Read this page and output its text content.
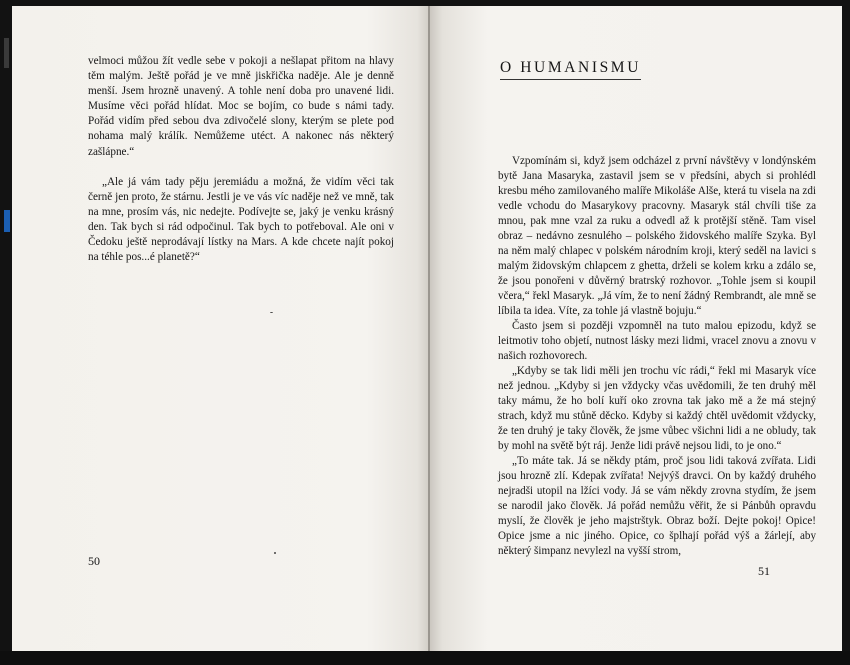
velmoci můžou žít vedle sebe v pokoji a nešlapat přitom na hlavy těm malým. Ještě pořád je ve mně jiskřička naděje. Ale je denně menší. Jsem hrozně unavený. A tohle není doba pro unavené lidi. Musíme věci pořád hlídat. Moc se bojím, co bude s námi tady. Pořád vidím před sebou dva zdivočelé slony, kterým se plete pod nohama malý králík. Nemůžeme utéct. A nakonec nás některý zašlápne.“

„Ale já vám tady pěju jeremiádu a možná, že vidím věci tak černě jen proto, že stárnu. Jestli je ve vás víc naděje než ve mně, tak na mne, prosím vás, nic nedejte. Podívejte se, jaký je venku krásný den. Tak bych si rád odpočinul. Tak bych to potřeboval. Ale oni v Čedoku ještě neprodávají lístky na Mars. A kde chcete najít pokoj na téhle pos...é planetě?“

50
O HUMANISMU

Vzpomínám si, když jsem odcházel z první návštěvy v londýnském bytě Jana Masaryka, zastavil jsem se v předsíni, abych si prohlédl kresbu mého zamilovaného malíře Mikoláše Alše, která tu visela na zdi vedle vchodu do Masarykovy pracovny. Masaryk stál chvíli tiše za mnou, pak mne vzal za ruku a odvedl až k protější stěně. Tam visel obraz – nedávno zesnulého – polského židovského malíře Szyka. Byl na něm malý chlapec v polském národním kroji, který seděl na lavici s malým židovským chlapcem z ghetta, drželi se kolem krku a zdálo se, že jsou ponořeni v důvěrný bratrský rozhovor. „Tohle jsem si koupil včera,“ řekl Masaryk. „Já vím, že to není žádný Rembrandt, ale mně se líbila ta idea. Víte, za tohle já vlastně bojuju.“

Často jsem si později vzpomněl na tuto malou epizodu, když se leitmotiv toho objetí, nutnost lásky mezi lidmi, vracel znovu a znovu v našich rozhovorech.

„Kdyby se tak lidi měli jen trochu víc rádi,“ řekl mi Masaryk více než jednou. „Kdyby si jen vždycky včas uvědomili, že ten druhý měl taky mámu, že ho bolí kuří oko zrovna tak jako mě a že má stejný strach, když mu stůně děcko. Kdyby si každý chtěl uvědomit vždycky, že ten druhý je taky člověk, že jsme vůbec všichni lidi a ne obludy, tak by mohl na světě být ráj. Jenže lidi právě nejsou lidi, to je ono.“

„To máte tak. Já se někdy ptám, proč jsou lidi taková zvířata. Lidi jsou hrozně zlí. Kdepak zvířata! Nejvýš dravci. On by každý druhého nejradši utopil na lžíci vody. Já se vám někdy zrovna stydím, že jsem se narodil jako člověk. Já pořád nemůžu věřit, že si Pánbůh opravdu myslí, že člověk je jeho majstrštyk. Obraz boží. Dejte pokoj! Opice! Opice jsme a nic jiného. Opice, co šplhají pořád výš a žárlejí, aby některý šimpanz nevylezl na vyšší strom,

51
